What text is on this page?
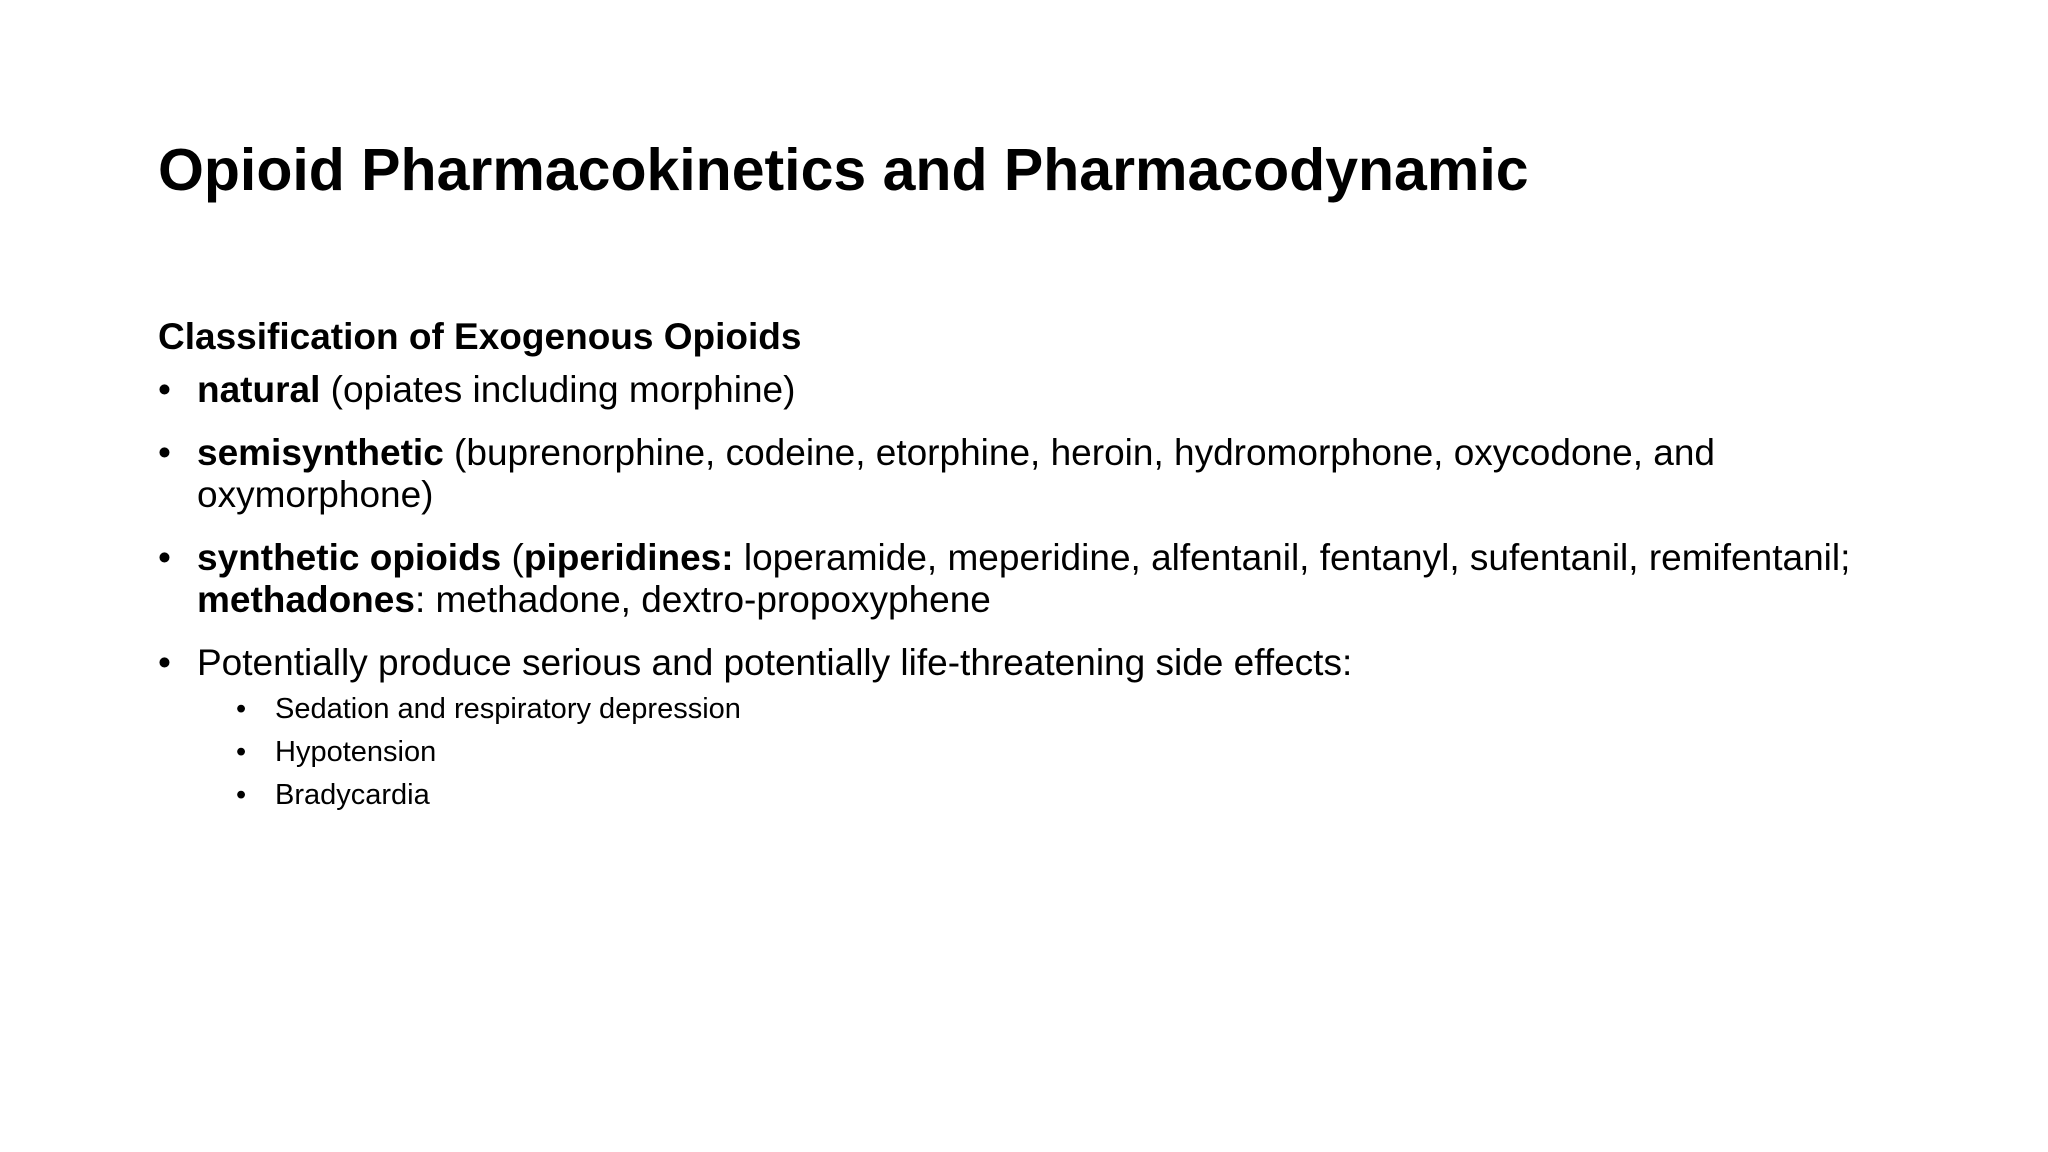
Opioid Pharmacokinetics and Pharmacodynamic
Classification of Exogenous Opioids
• natural (opiates including morphine)
• semisynthetic (buprenorphine, codeine, etorphine, heroin, hydromorphone, oxycodone, and oxymorphone)
• synthetic opioids (piperidines: loperamide, meperidine, alfentanil, fentanyl, sufentanil, remifentanil; methadones: methadone, dextro-propoxyphene
• Potentially produce serious and potentially life-threatening side effects:
• Sedation and respiratory depression
• Hypotension
• Bradycardia
